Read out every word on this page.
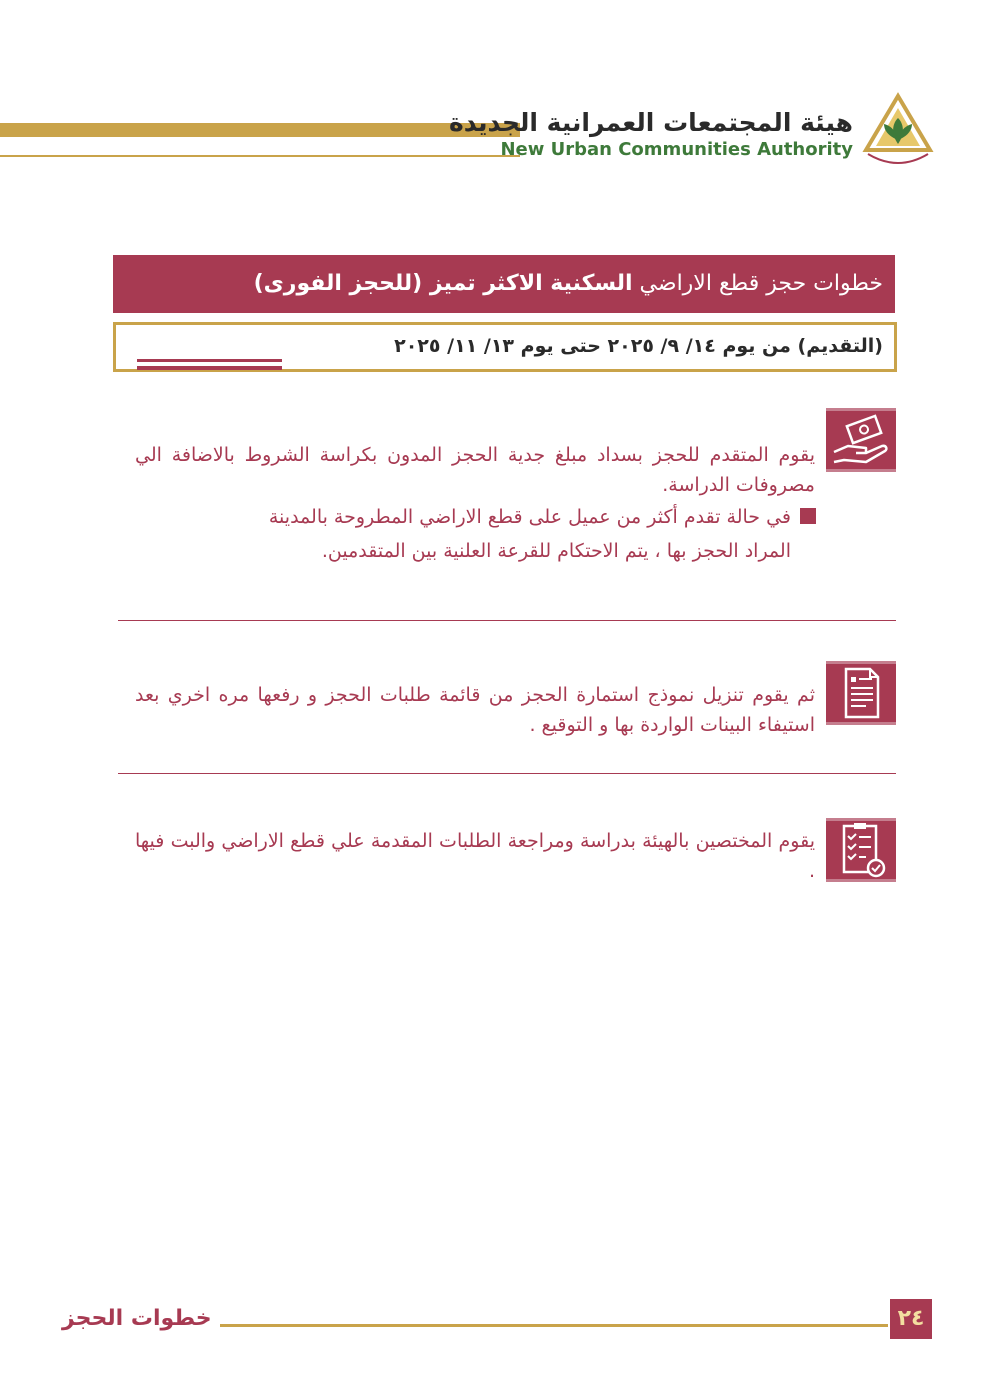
هيئة المجتمعات العمرانية الجديدة
New Urban Communities Authority
خطوات حجز قطع الاراضي السكنية الاكثر تميز (للحجز الفورى)
(التقديم) من يوم ١٤/ ٩/ ٢٠٢٥ حتى يوم ١٣/ ١١/ ٢٠٢٥
يقوم المتقدم للحجز بسداد مبلغ جدية الحجز المدون بكراسة الشروط بالاضافة الي مصروفات الدراسة.
في حالة تقدم أكثر من عميل على قطع الاراضي المطروحة بالمدينة
المراد الحجز بها ، يتم الاحتكام للقرعة العلنية بين المتقدمين.
ثم يقوم تنزيل نموذج استمارة الحجز من قائمة طلبات الحجز و رفعها مره اخري بعد استيفاء البينات الواردة بها و التوقيع .
يقوم المختصين بالهيئة بدراسة ومراجعة الطلبات المقدمة علي قطع الاراضي والبت فيها .
خطوات الحجز	٢٤
